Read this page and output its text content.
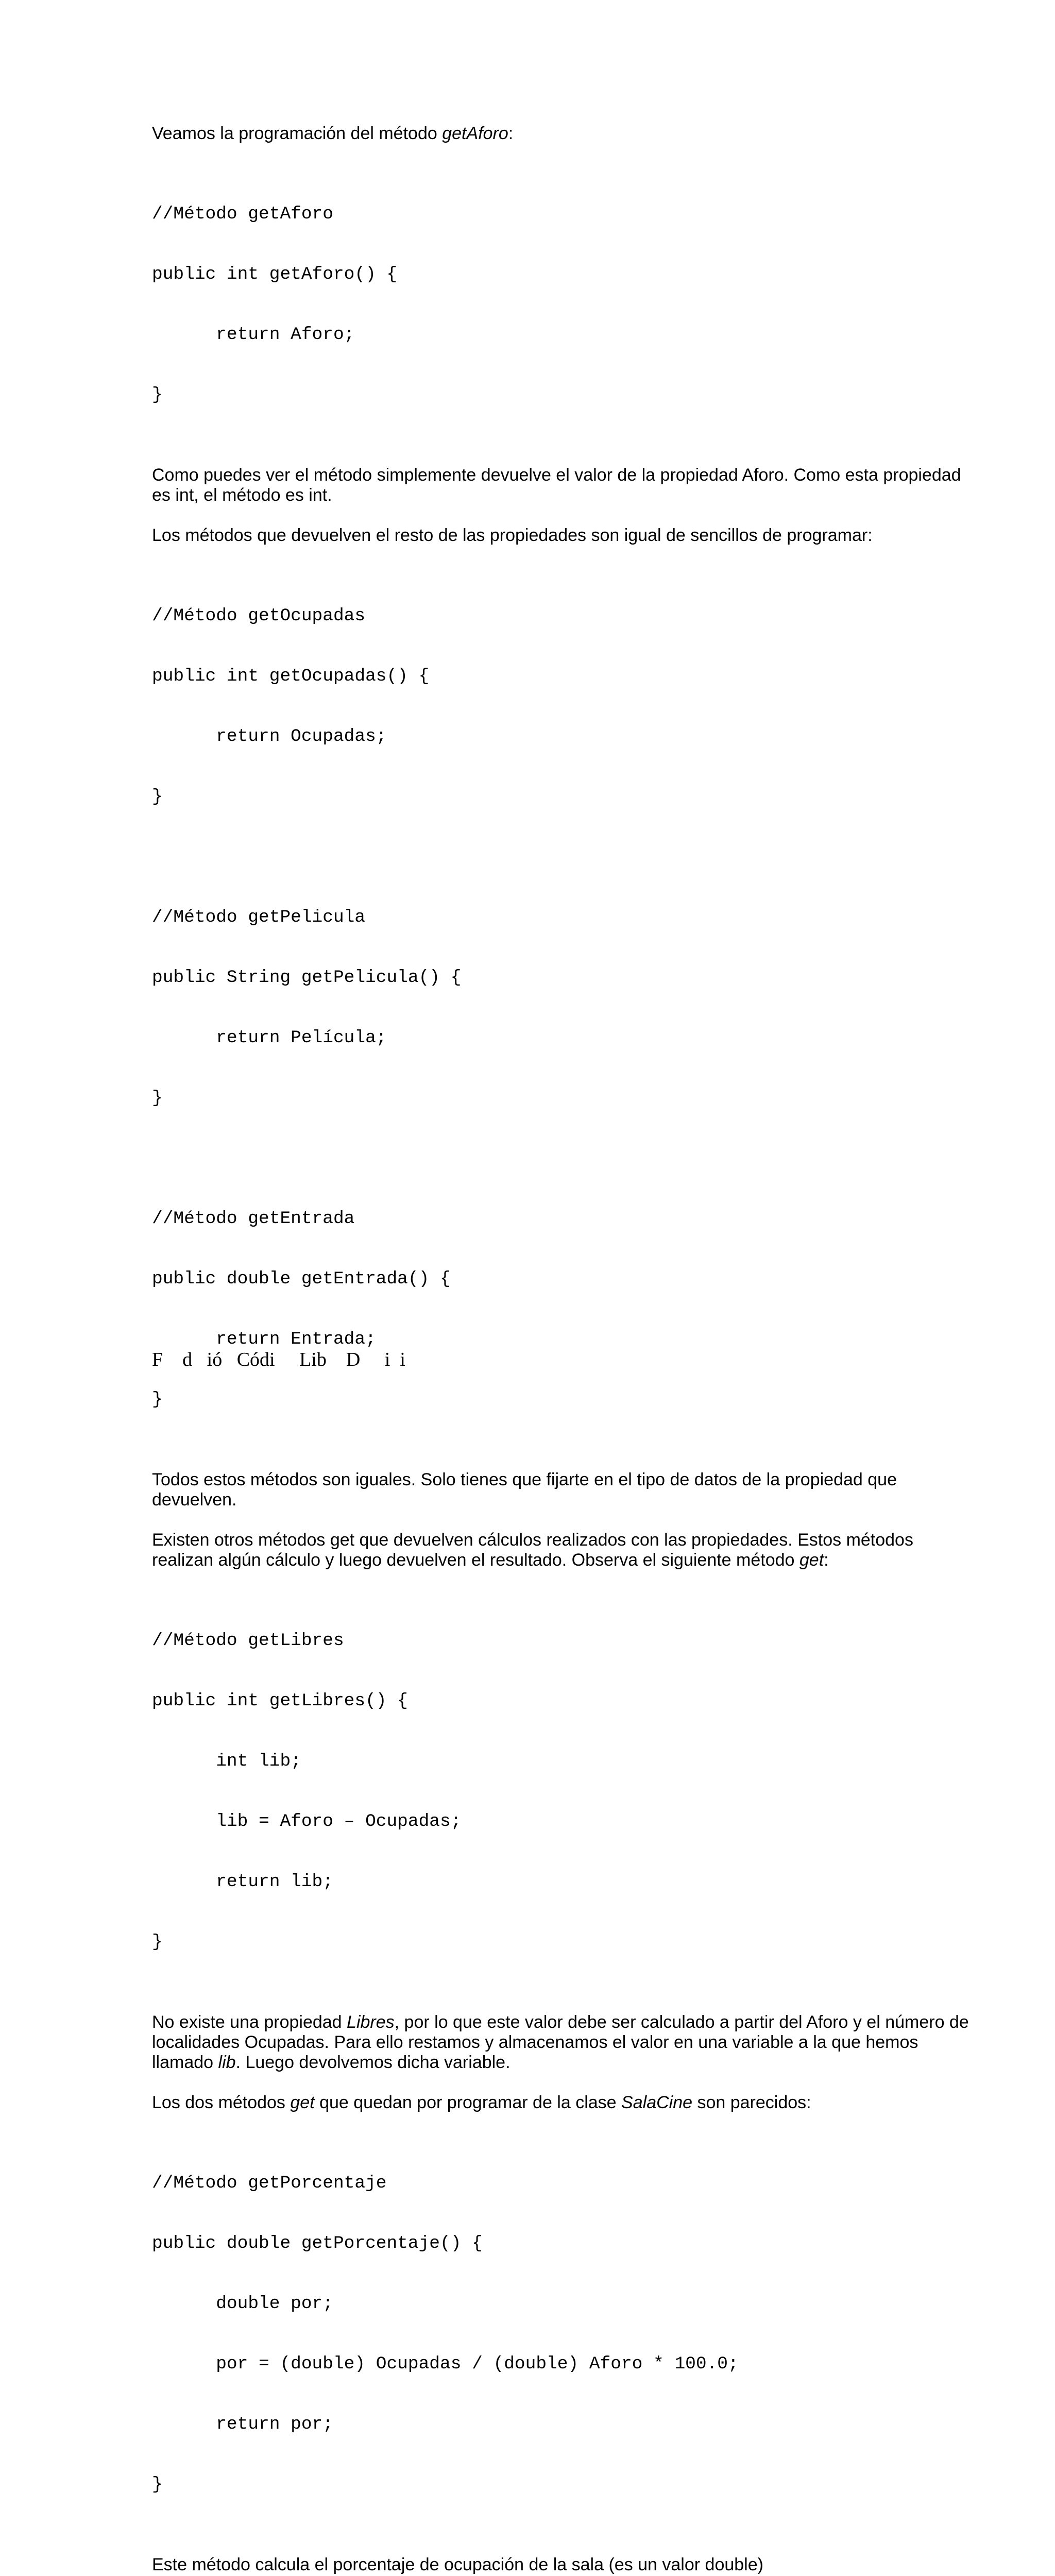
Veamos la programación del método getAforo:

//Método getAforo

public int getAforo() {

return Aforo;

}

Como puedes ver el método simplemente devuelve el valor de la propiedad Aforo. Como esta propiedad es int, el método es int.

Los métodos que devuelven el resto de las propiedades son igual de sencillos de programar:

//Método getOcupadas

public int getOcupadas() {

return Ocupadas;

}

//Método getPelicula

public String getPelicula() {

return Película;

}

//Método getEntrada

public double getEntrada() {

return Entrada;

}

Todos estos métodos son iguales. Solo tienes que fijarte en el tipo de datos de la propiedad que devuelven.

Existen otros métodos get que devuelven cálculos realizados con las propiedades. Estos métodos realizan algún cálculo y luego devuelven el resultado. Observa el siguiente método get:

//Método getLibres

public int getLibres() {

int lib;

lib = Aforo – Ocupadas;

return lib;

}

No existe una propiedad Libres, por lo que este valor debe ser calculado a partir del Aforo y el número de localidades Ocupadas. Para ello restamos y almacenamos el valor en una variable a la que hemos llamado lib. Luego devolvemos dicha variable.

Los dos métodos get que quedan por programar de la clase SalaCine son parecidos:

//Método getPorcentaje

public double getPorcentaje() {

double por;

por = (double) Ocupadas / (double) Aforo * 100.0;

return por;

}

Este método calcula el porcentaje de ocupación de la sala (es un valor double)

F    d   ió   Códi     Lib    D     i  i
